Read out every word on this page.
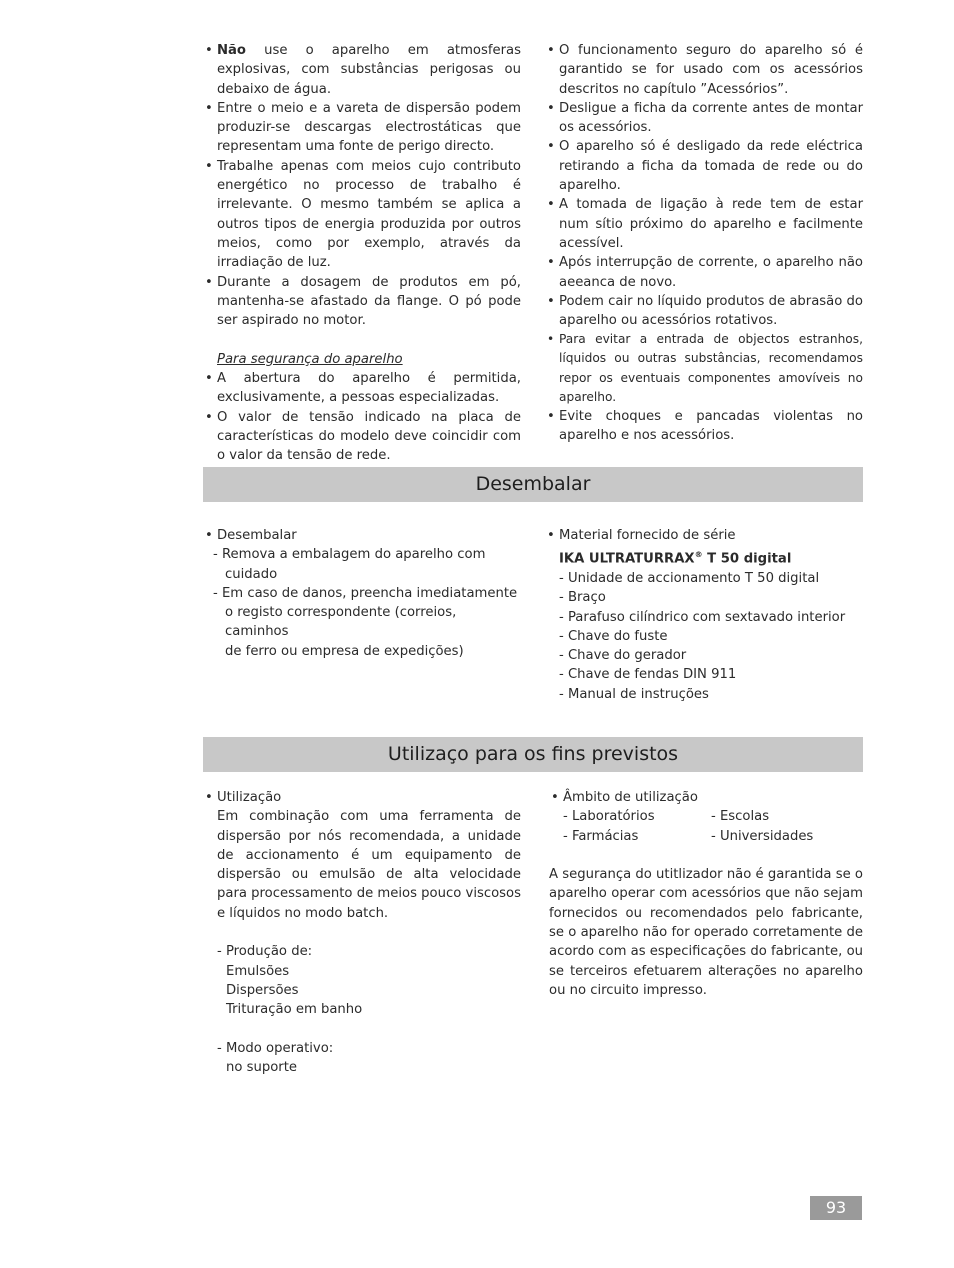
• Não use o aparelho em atmosferas explosivas, com substâncias perigosas ou debaixo de água.
• Entre o meio e a vareta de dispersão podem produzir-se descargas electrostáticas que representam uma fonte de perigo directo.
• Trabalhe apenas com meios cujo contributo energético no processo de trabalho é irrelevante. O mesmo também se aplica a outros tipos de energia produzida por outros meios, como por exemplo, através da irradiação de luz.
• Durante a dosagem de produtos em pó, mantenha-se afastado da flange. O pó pode ser aspirado no motor.
Para segurança do aparelho
• A abertura do aparelho é permitida, exclusivamente, a pessoas especializadas.
• O valor de tensão indicado na placa de características do modelo deve coincidir com o valor da tensão de rede.
• O funcionamento seguro do aparelho só é garantido se for usado com os acessórios descritos no capítulo ”Acessórios”.
• Desligue a ficha da corrente antes de montar os acessórios.
• O aparelho só é desligado da rede eléctrica retirando a ficha da tomada de rede ou do aparelho.
• A tomada de ligação à rede tem de estar num sítio próximo do aparelho e facilmente acessível.
• Após interrupção de corrente, o aparelho não aeeanca de novo.
• Podem cair no líquido produtos de abrasão do aparelho ou acessórios rotativos.
• Para evitar a entrada de objectos estranhos, líquidos ou outras substâncias, recomendamos repor os eventuais componentes amovíveis no aparelho.
• Evite choques e pancadas violentas no aparelho e nos acessórios.
Desembalar
• Desembalar
- Remova a embalagem do aparelho com
cuidado
- Em caso de danos, preencha imediatamente
o registo correspondente (correios, caminhos
de ferro ou empresa de expedições)
• Material fornecido de série
IKA ULTRATURRAX® T 50 digital
- Unidade de accionamento T 50 digital
- Braço
- Parafuso cilíndrico com sextavado interior
- Chave do fuste
- Chave do gerador
- Chave de fendas DIN 911
- Manual de instruções
Utilizaço para os fins previstos
• Utilização
Em combinação com uma ferramenta de dispersão por nós recomendada, a unidade de accionamento é um equipamento de dispersão ou emulsão de alta velocidade para processamento de meios pouco viscosos e líquidos no modo batch.
- Produção de:
Emulsões
Dispersões
Trituração em banho
- Modo operativo:
no suporte
• Âmbito de utilização
- Laboratórios
- Farmácias
- Escolas
- Universidades
A segurança do utitlizador não é garantida se o aparelho operar com acessórios que não sejam fornecidos ou recomendados pelo fabricante, se o aparelho não for operado corretamente de acordo com as especificações do fabricante, ou se terceiros efetuarem alterações no aparelho ou no circuito impresso.
93
